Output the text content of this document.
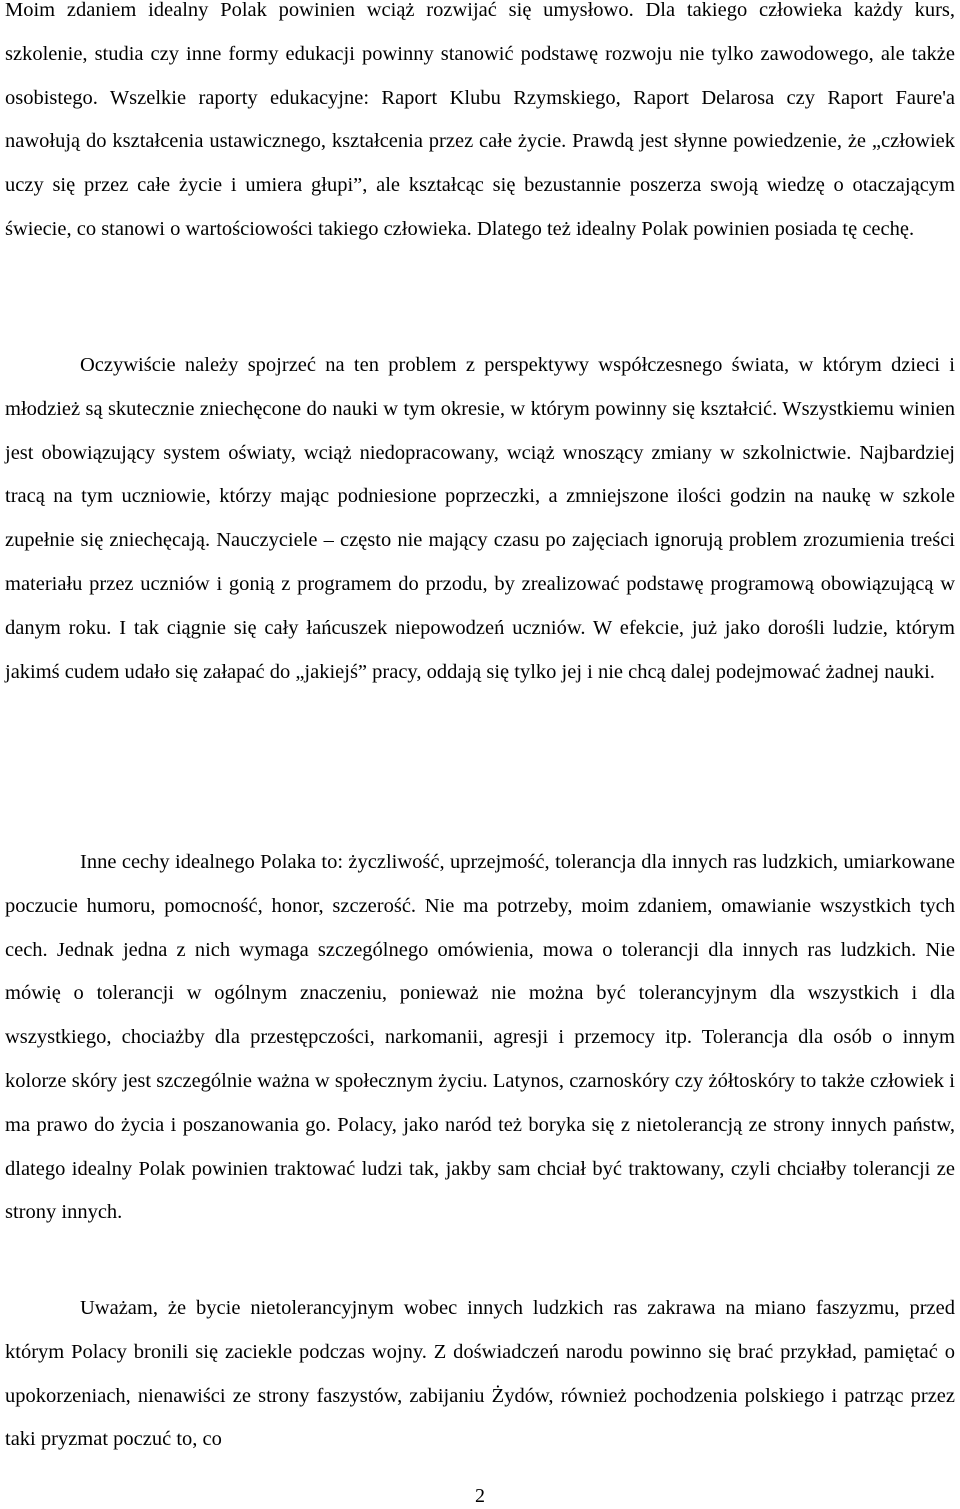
Moim zdaniem idealny Polak powinien wciąż rozwijać się umysłowo. Dla takiego człowieka każdy kurs, szkolenie, studia czy inne formy edukacji powinny stanowić podstawę rozwoju nie tylko zawodowego, ale także osobistego. Wszelkie raporty edukacyjne: Raport Klubu Rzymskiego, Raport Delarosa czy Raport Faure'a nawołują do kształcenia ustawicznego, kształcenia przez całe życie. Prawdą jest słynne powiedzenie, że „człowiek uczy się przez całe życie i umiera głupi”, ale kształcąc się bezustannie poszerza swoją wiedzę o otaczającym świecie, co stanowi o wartościowości takiego człowieka. Dlatego też idealny Polak powinien posiada tę cechę.

Oczywiście należy spojrzeć na ten problem z perspektywy współczesnego świata, w którym dzieci i młodzież są skutecznie zniechęcone do nauki w tym okresie, w którym powinny się kształcić. Wszystkiemu winien jest obowiązujący system oświaty, wciąż niedopracowany, wciąż wnoszący zmiany w szkolnictwie. Najbardziej tracą na tym uczniowie, którzy mając podniesione poprzeczki, a zmniejszone ilości godzin na naukę w szkole zupełnie się zniechęcają. Nauczyciele – często nie mający czasu po zajęciach ignorują problem zrozumienia treści materiału przez uczniów i gonią z programem do przodu, by zrealizować podstawę programową obowiązującą w danym roku. I tak ciągnie się cały łańcuszek niepowodzeń uczniów. W efekcie, już jako dorośli ludzie, którym jakimś cudem udało się załapać do „jakiejś” pracy, oddają się tylko jej i nie chcą dalej podejmować żadnej nauki.

Inne cechy idealnego Polaka to: życzliwość, uprzejmość, tolerancja dla innych ras ludzkich, umiarkowane poczucie humoru, pomocność, honor, szczerość. Nie ma potrzeby, moim zdaniem, omawianie wszystkich tych cech. Jednak jedna z nich wymaga szczególnego omówienia, mowa o tolerancji dla innych ras ludzkich. Nie mówię o tolerancji w ogólnym znaczeniu, ponieważ nie można być tolerancyjnym dla wszystkich i dla wszystkiego, chociażby dla przestępczości, narkomanii, agresji i przemocy itp. Tolerancja dla osób o innym kolorze skóry jest szczególnie ważna w społecznym życiu. Latynos, czarnoskóry czy żółtoskóry to także człowiek i ma prawo do życia i poszanowania go. Polacy, jako naród też boryka się z nietolerancją ze strony innych państw, dlatego idealny Polak powinien traktować ludzi tak, jakby sam chciał być traktowany, czyli chciałby tolerancji ze strony innych.

Uważam, że bycie nietolerancyjnym wobec innych ludzkich ras zakrawa na miano faszyzmu, przed którym Polacy bronili się zaciekle podczas wojny. Z doświadczeń narodu powinno się brać przykład, pamiętać o upokorzeniach, nienawiści ze strony faszystów, zabijaniu Żydów, również pochodzenia polskiego i patrząc przez taki pryzmat poczuć to, co

2
